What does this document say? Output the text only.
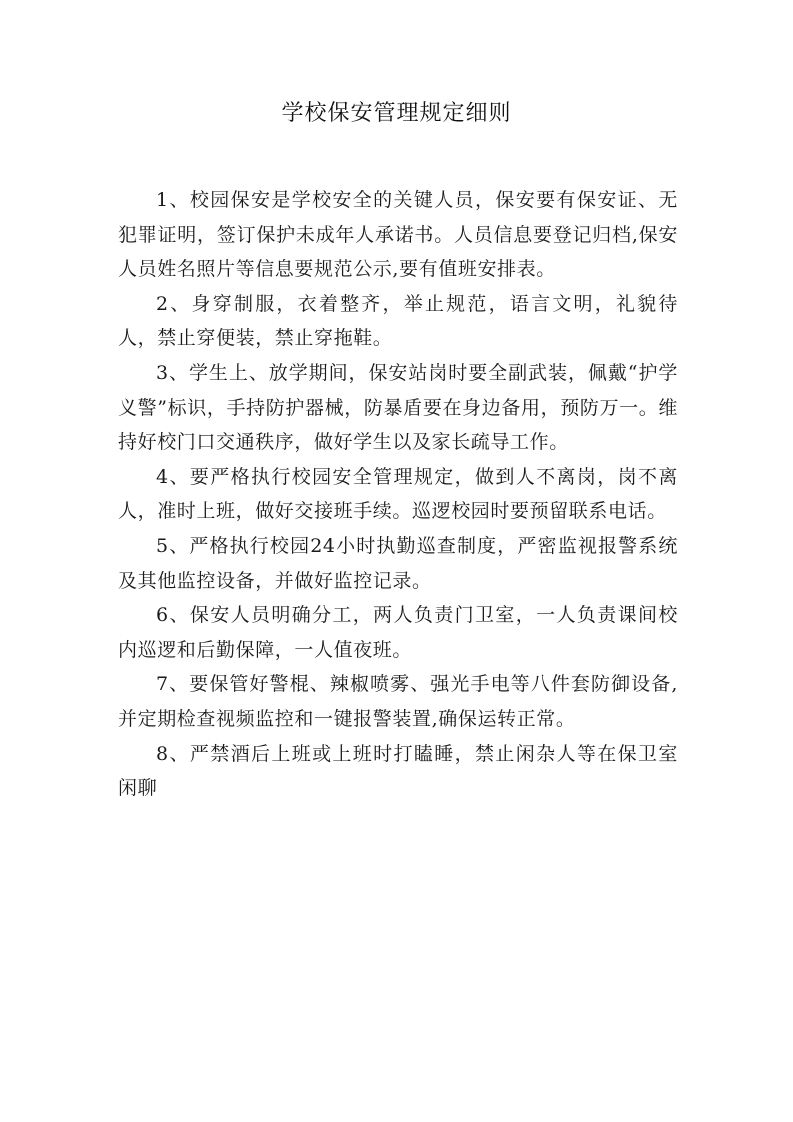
学校保安管理规定细则

1、校园保安是学校安全的关键人员，保安要有保安证、无犯罪证明，签订保护未成年人承诺书。人员信息要登记归档,保安人员姓名照片等信息要规范公示,要有值班安排表。

2、身穿制服，衣着整齐，举止规范，语言文明，礼貌待人，禁止穿便装，禁止穿拖鞋。

3、学生上、放学期间，保安站岗时要全副武装，佩戴“护学义警”标识，手持防护器械，防暴盾要在身边备用，预防万一。维持好校门口交通秩序，做好学生以及家长疏导工作。

4、要严格执行校园安全管理规定，做到人不离岗，岗不离人，准时上班，做好交接班手续。巡逻校园时要预留联系电话。

5、严格执行校园24小时执勤巡查制度，严密监视报警系统及其他监控设备，并做好监控记录。

6、保安人员明确分工，两人负责门卫室，一人负责课间校内巡逻和后勤保障，一人值夜班。

7、要保管好警棍、辣椒喷雾、强光手电等八件套防御设备,并定期检查视频监控和一键报警装置,确保运转正常。

8、严禁酒后上班或上班时打瞌睡，禁止闲杂人等在保卫室闲聊
